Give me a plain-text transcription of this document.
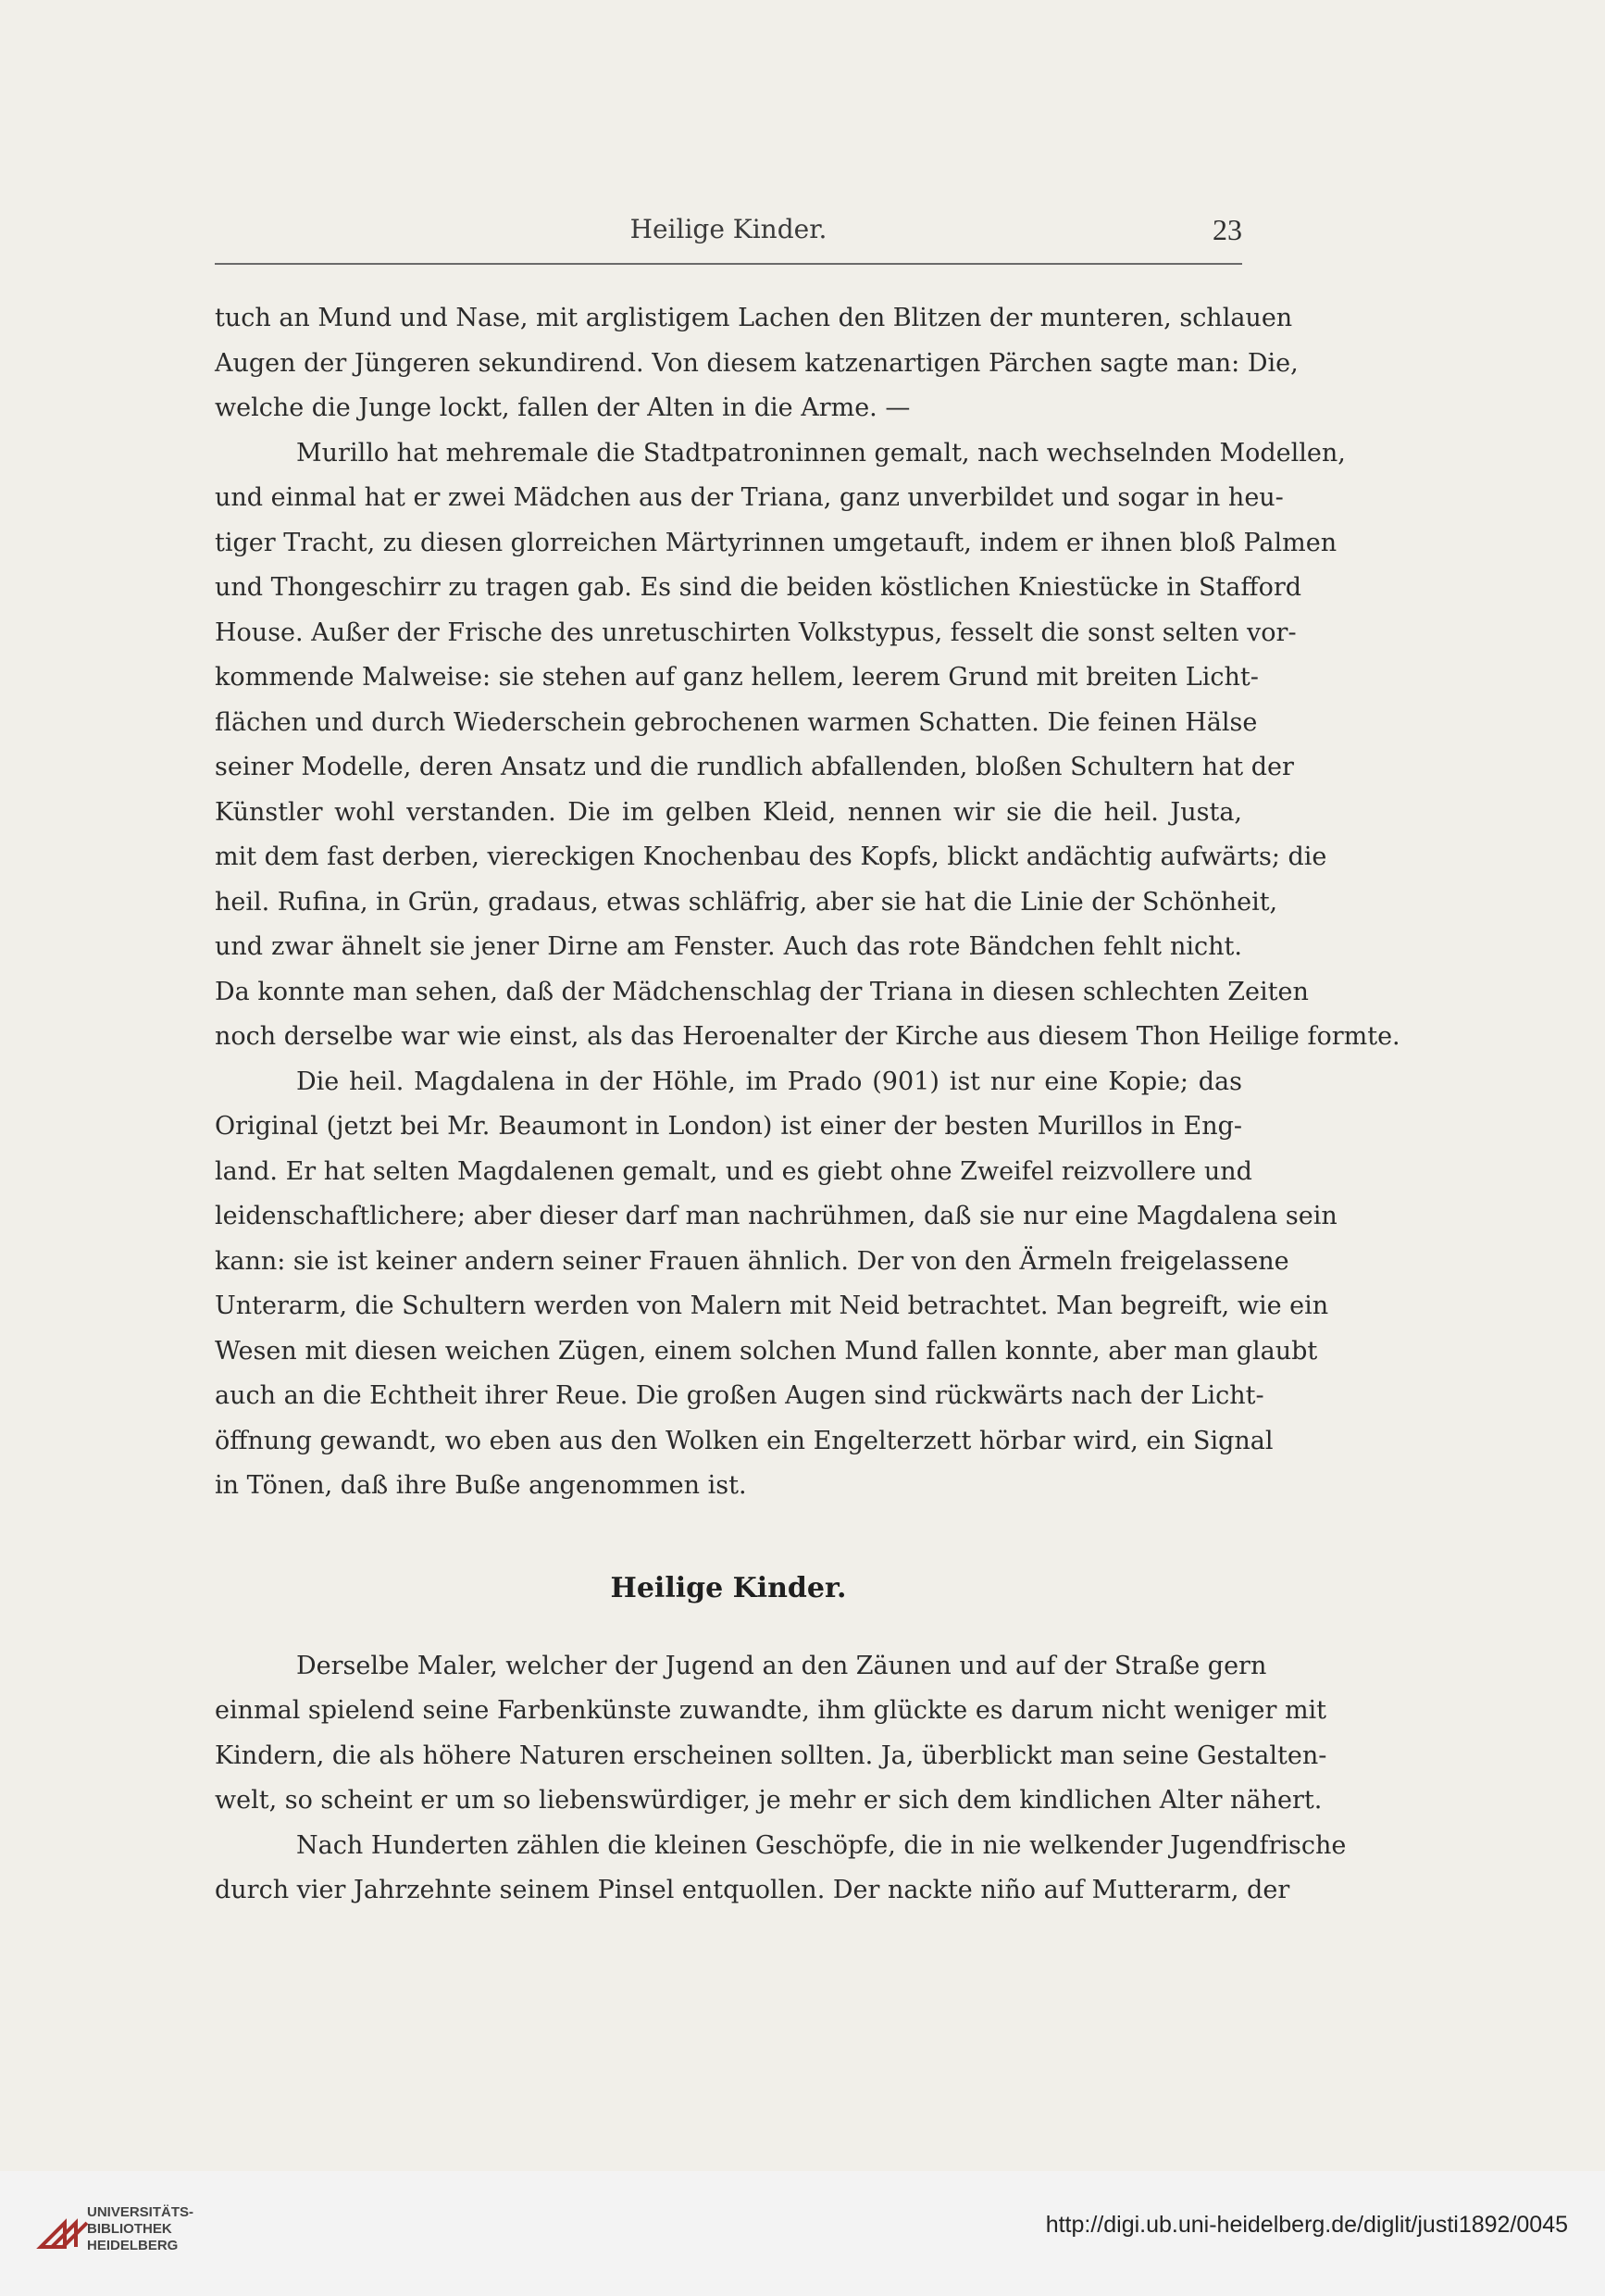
Heilige Kinder.	23
tuch an Mund und Nase, mit arglistigem Lachen den Blitzen der munteren, schlauen
Augen der Jüngeren sekundirend. Von diesem katzenartigen Pärchen sagte man: Die,
welche die Junge lockt, fallen der Alten in die Arme. —
Murillo hat mehremale die Stadtpatroninnen gemalt, nach wechselnden Modellen,
und einmal hat er zwei Mädchen aus der Triana, ganz unverbildet und sogar in heu-
tiger Tracht, zu diesen glorreichen Märtyrinnen umgetauft, indem er ihnen bloß Palmen
und Thongeschirr zu tragen gab. Es sind die beiden köstlichen Kniestücke in Stafford
House. Außer der Frische des unretuschirten Volkstypus, fesselt die sonst selten vor-
kommende Malweise: sie stehen auf ganz hellem, leerem Grund mit breiten Licht-
flächen und durch Wiederschein gebrochenen warmen Schatten. Die feinen Hälse
seiner Modelle, deren Ansatz und die rundlich abfallenden, bloßen Schultern hat der
Künstler wohl verstanden. Die im gelben Kleid, nennen wir sie die heil. Justa,
mit dem fast derben, viereckigen Knochenbau des Kopfs, blickt andächtig aufwärts; die
heil. Rufina, in Grün, gradaus, etwas schläfrig, aber sie hat die Linie der Schönheit,
und zwar ähnelt sie jener Dirne am Fenster. Auch das rote Bändchen fehlt nicht.
Da konnte man sehen, daß der Mädchenschlag der Triana in diesen schlechten Zeiten
noch derselbe war wie einst, als das Heroenalter der Kirche aus diesem Thon Heilige formte.
Die heil. Magdalena in der Höhle, im Prado (901) ist nur eine Kopie; das
Original (jetzt bei Mr. Beaumont in London) ist einer der besten Murillos in Eng-
land. Er hat selten Magdalenen gemalt, und es giebt ohne Zweifel reizvollere und
leidenschaftlichere; aber dieser darf man nachrühmen, daß sie nur eine Magdalena sein
kann: sie ist keiner andern seiner Frauen ähnlich. Der von den Ärmeln freigelassene
Unterarm, die Schultern werden von Malern mit Neid betrachtet. Man begreift, wie ein
Wesen mit diesen weichen Zügen, einem solchen Mund fallen konnte, aber man glaubt
auch an die Echtheit ihrer Reue. Die großen Augen sind rückwärts nach der Licht-
öffnung gewandt, wo eben aus den Wolken ein Engelterzett hörbar wird, ein Signal
in Tönen, daß ihre Buße angenommen ist.
Heilige Kinder.
Derselbe Maler, welcher der Jugend an den Zäunen und auf der Straße gern
einmal spielend seine Farbenkünste zuwandte, ihm glückte es darum nicht weniger mit
Kindern, die als höhere Naturen erscheinen sollten. Ja, überblickt man seine Gestalten-
welt, so scheint er um so liebenswürdiger, je mehr er sich dem kindlichen Alter nähert.
Nach Hunderten zählen die kleinen Geschöpfe, die in nie welkender Jugendfrische
durch vier Jahrzehnte seinem Pinsel entquollen. Der nackte niño auf Mutterarm, der
UNIVERSITÄTS-
BIBLIOTHEK
HEIDELBERG
http://digi.ub.uni-heidelberg.de/diglit/justi1892/0045
